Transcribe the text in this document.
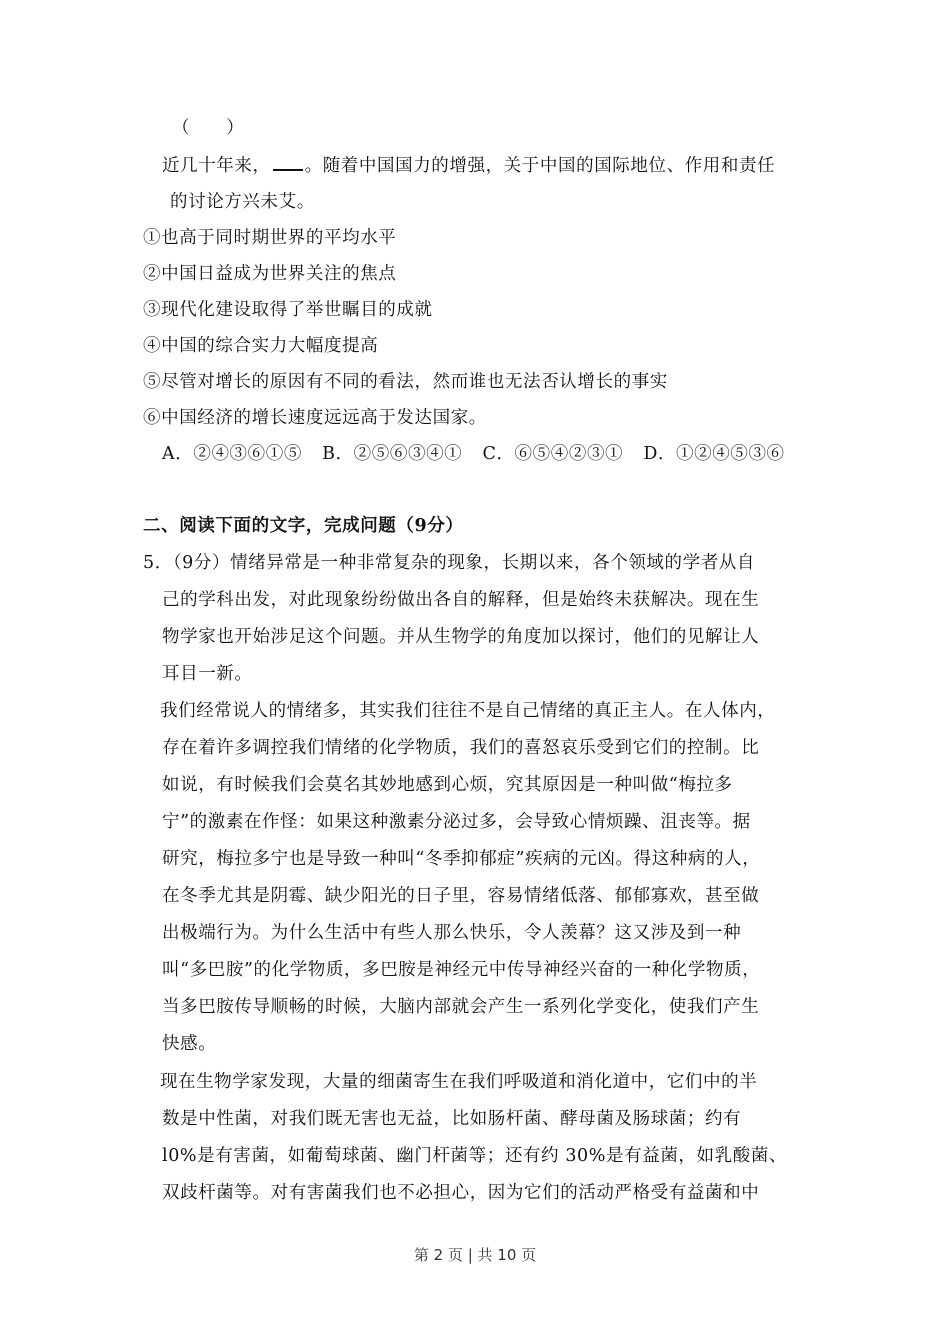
（　　）
近几十年来， 。随着中国国力的增强，关于中国的国际地位、作用和责任
的讨论方兴未艾。
①也高于同时期世界的平均水平
②中国日益成为世界关注的焦点
③现代化建设取得了举世瞩目的成就
④中国的综合实力大幅度提高
⑤尽管对增长的原因有不同的看法，然而谁也无法否认增长的事实
⑥中国经济的增长速度远远高于发达国家。
A．②④③⑥①⑤ B．②⑤⑥③④① C．⑥⑤④②③① D．①②④⑤③⑥
二、阅读下面的文字，完成问题（9分）
5．（9分）情绪异常是一种非常复杂的现象，长期以来，各个领域的学者从自
己的学科出发，对此现象纷纷做出各自的解释，但是始终未获解决。现在生
物学家也开始涉足这个问题。并从生物学的角度加以探讨，他们的见解让人
耳目一新。
我们经常说人的情绪多，其实我们往往不是自己情绪的真正主人。在人体内，
存在着许多调控我们情绪的化学物质，我们的喜怒哀乐受到它们的控制。比
如说，有时候我们会莫名其妙地感到心烦，究其原因是一种叫做“梅拉多
宁”的激素在作怪：如果这种激素分泌过多，会导致心情烦躁、沮丧等。据
研究，梅拉多宁也是导致一种叫“冬季抑郁症”疾病的元凶。得这种病的人，
在冬季尤其是阴霉、缺少阳光的日子里，容易情绪低落、郁郁寡欢，甚至做
出极端行为。为什么生活中有些人那么快乐，令人羡幕？这又涉及到一种
叫“多巴胺”的化学物质，多巴胺是神经元中传导神经兴奋的一种化学物质，
当多巴胺传导顺畅的时候，大脑内部就会产生一系列化学变化，使我们产生
快感。
现在生物学家发现，大量的细菌寄生在我们呼吸道和消化道中，它们中的半
数是中性菌，对我们既无害也无益，比如肠杆菌、酵母菌及肠球菌；约有
l0%是有害菌，如葡萄球菌、幽门杆菌等；还有约 30%是有益菌，如乳酸菌、
双歧杆菌等。对有害菌我们也不必担心，因为它们的活动严格受有益菌和中
第 2 页 | 共 10 页
